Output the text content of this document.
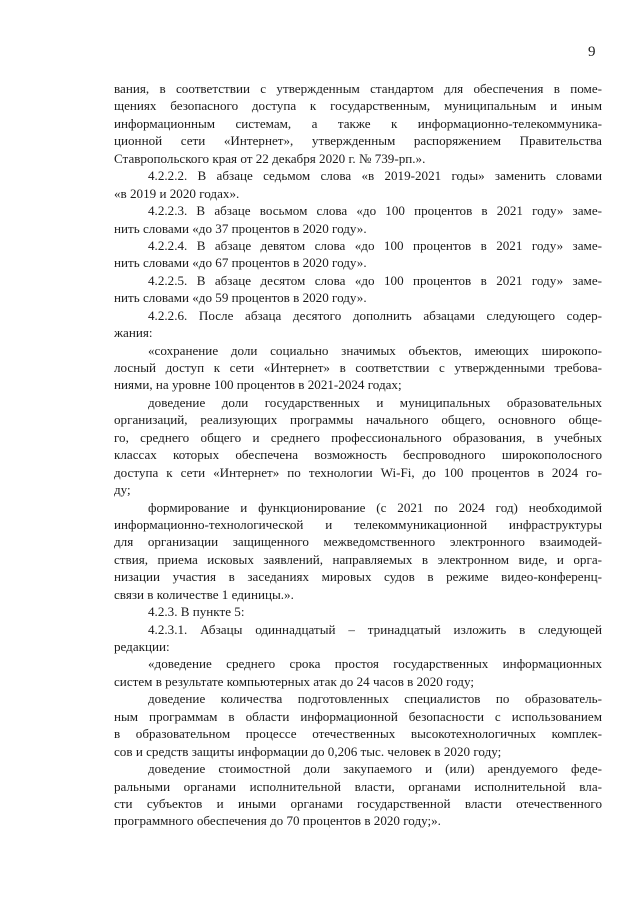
9
вания, в соответствии с утвержденным стандартом для обеспечения в поме-
щениях безопасного доступа к государственным, муниципальным и иным
информационным системам, а также к информационно-телекоммуника-
ционной сети «Интернет», утвержденным распоряжением Правительства
Ставропольского края от 22 декабря 2020 г. № 739-рп.».
4.2.2.2. В абзаце седьмом слова «в 2019-2021 годы» заменить словами
«в 2019 и 2020 годах».
4.2.2.3. В абзаце восьмом слова «до 100 процентов в 2021 году» заме-
нить словами «до 37 процентов в 2020 году».
4.2.2.4. В абзаце девятом слова «до 100 процентов в 2021 году» заме-
нить словами «до 67 процентов в 2020 году».
4.2.2.5. В абзаце десятом слова «до 100 процентов в 2021 году» заме-
нить словами «до 59 процентов в 2020 году».
4.2.2.6. После абзаца десятого дополнить абзацами следующего содер-
жания:
«сохранение доли социально значимых объектов, имеющих широкопо-
лосный доступ к сети «Интернет» в соответствии с утвержденными требова-
ниями, на уровне 100 процентов в 2021-2024 годах;
доведение доли государственных и муниципальных образовательных
организаций, реализующих программы начального общего, основного обще-
го, среднего общего и среднего профессионального образования, в учебных
классах которых обеспечена возможность беспроводного широкополосного
доступа к сети «Интернет» по технологии Wi-Fi, до 100 процентов в 2024 го-
ду;
формирование и функционирование (с 2021 по 2024 год) необходимой
информационно-технологической и телекоммуникационной инфраструктуры
для организации защищенного межведомственного электронного взаимодей-
ствия, приема исковых заявлений, направляемых в электронном виде, и орга-
низации участия в заседаниях мировых судов в режиме видео-конференц-
связи в количестве 1 единицы.».
4.2.3. В пункте 5:
4.2.3.1. Абзацы одиннадцатый – тринадцатый изложить в следующей
редакции:
«доведение среднего срока простоя государственных информационных
систем в результате компьютерных атак до 24 часов в 2020 году;
доведение количества подготовленных специалистов по образователь-
ным программам в области информационной безопасности с использованием
в образовательном процессе отечественных высокотехнологичных комплек-
сов и средств защиты информации до 0,206 тыс. человек в 2020 году;
доведение стоимостной доли закупаемого и (или) арендуемого феде-
ральными органами исполнительной власти, органами исполнительной вла-
сти субъектов и иными органами государственной власти отечественного
программного обеспечения до 70 процентов в 2020 году;».
